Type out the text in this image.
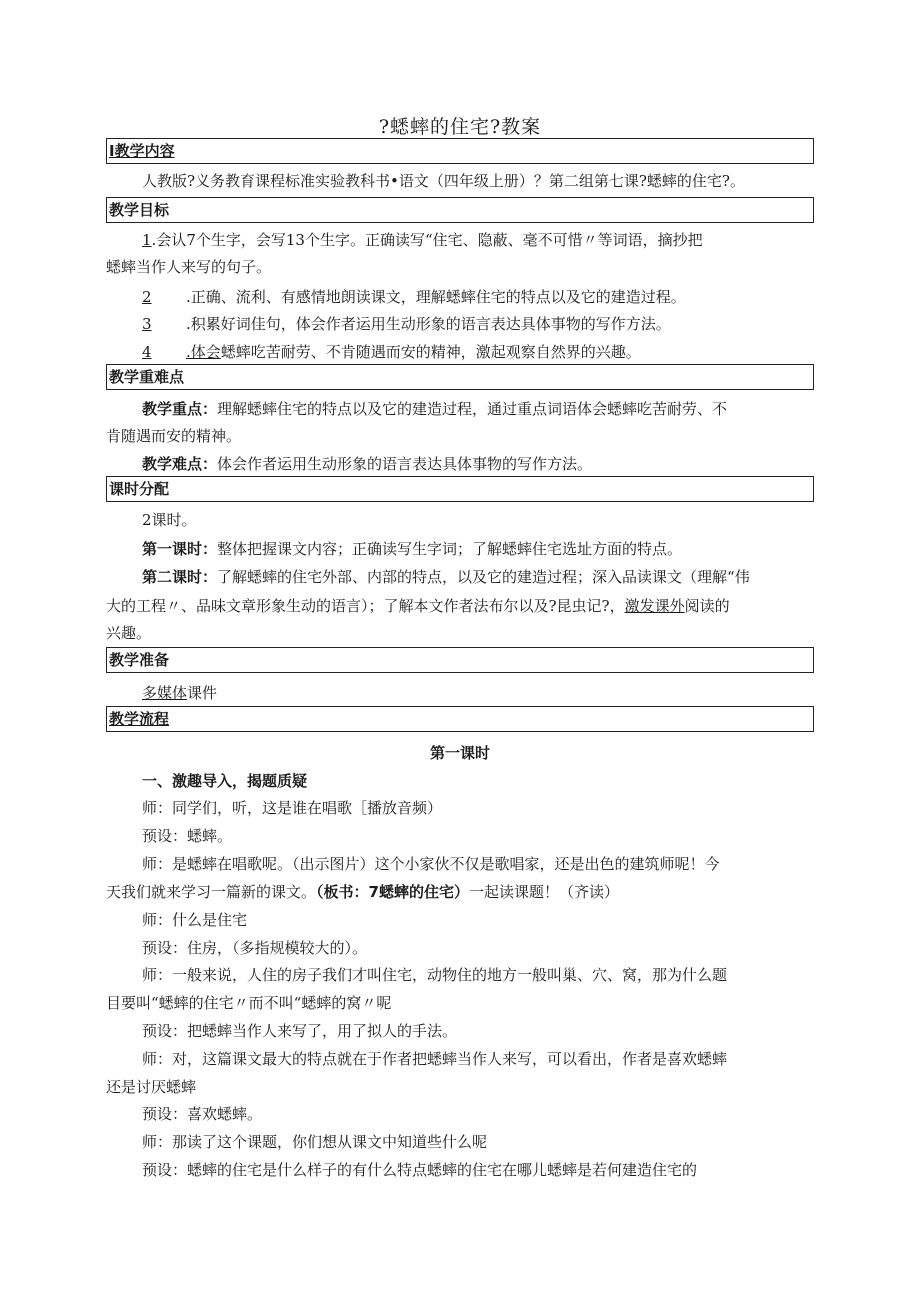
?蟋蟀的住宅?教案
I教学内容
人教版?义务教育课程标准实验教科书•语文（四年级上册）？第二组第七课?蟋蟀的住宅?。
教学目标
1.会认7个生字，会写13个生字。正确读写“住宅、隐蔽、毫不可惜〃等词语，摘抄把
蟋蟀当作人来写的句子。
2 .正确、流利、有感情地朗读课文，理解蟋蟀住宅的特点以及它的建造过程。
3 .积累好词佳句，体会作者运用生动形象的语言表达具体事物的写作方法。
4 .体会蟋蟀吃苦耐劳、不肯随遇而安的精神，激起观察自然界的兴趣。
教学重难点
教学重点：理解蟋蟀住宅的特点以及它的建造过程，通过重点词语体会蟋蟀吃苦耐劳、不
肯随遇而安的精神。
教学难点：体会作者运用生动形象的语言表达具体事物的写作方法。
课时分配
2课时。
第一课时：整体把握课文内容；正确读写生字词；了解蟋蟀住宅选址方面的特点。
第二课时：了解蟋蟀的住宅外部、内部的特点，以及它的建造过程；深入品读课文（理解“伟
大的工程〃、品味文章形象生动的语言）；了解本文作者法布尔以及?昆虫记?，激发课外阅读的
兴趣。
教学准备
多媒体课件
教学流程
第一课时
一、激趣导入，揭题质疑
师：同学们，听，这是谁在唱歌［播放音频）
预设：蟋蟀。
师：是蟋蟀在唱歌呢。（出示图片）这个小家伙不仅是歌唱家，还是出色的建筑师呢！今
天我们就来学习一篇新的课文。（板书：7蟋蟀的住宅）一起读课题！（齐读）
师：什么是住宅
预设：住房，（多指规模较大的）。
师：一般来说，人住的房子我们才叫住宅，动物住的地方一般叫巢、穴、窝，那为什么题
目要叫“蟋蟀的住宅〃而不叫“蟋蟀的窝〃呢
预设：把蟋蟀当作人来写了，用了拟人的手法。
师：对，这篇课文最大的特点就在于作者把蟋蟀当作人来写，可以看出，作者是喜欢蟋蟀
还是讨厌蟋蟀
预设：喜欢蟋蟀。
师：那读了这个课题，你们想从课文中知道些什么呢
预设：蟋蟀的住宅是什么样子的有什么特点蟋蟀的住宅在哪儿蟋蟀是若何建造住宅的
